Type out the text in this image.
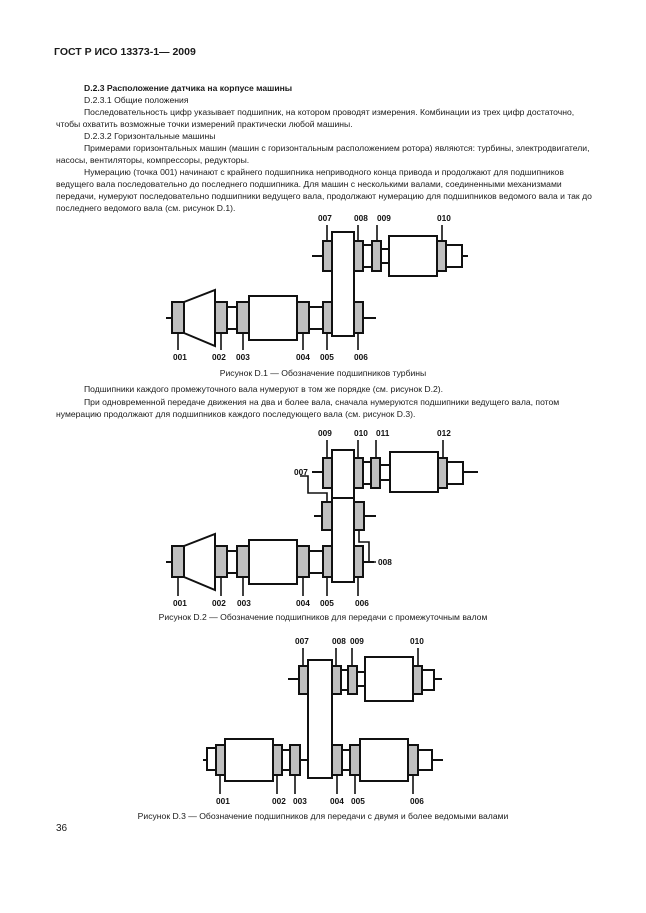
ГОСТ Р ИСО 13373-1— 2009

D.2.3 Расположение датчика на корпусе машины

D.2.3.1 Общие положения

Последовательность цифр указывает подшипник, на котором проводят измерения. Комбинации из трех цифр достаточно, чтобы охватить возможные точки измерений практически любой машины.

D.2.3.2 Горизонтальные машины

Примерами горизонтальных машин (машин с горизонтальным расположением ротора) являются: турбины, электродвигатели, насосы, вентиляторы, компрессоры, редукторы.

Нумерацию (точка 001) начинают с крайнего подшипника неприводного конца привода и продолжают для подшипников ведущего вала последовательно до последнего подшипника. Для машин с несколькими валами, соединенными механизмами передачи, нумеруют последовательно подшипники ведущего вала, продолжают нумерацию для подшипников ведомого вала и так до последнего ведомого вала (см. рисунок D.1).

007	008 009	010
001	002 003	004 005 006
Рисунок D.1 — Обозначение подшипников турбины

Подшипники каждого промежуточного вала нумеруют в том же порядке (см. рисунок D.2).

При одновременной передаче движения на два и более вала, сначала нумеруются подшипники ведущего вала, потом нумерацию продолжают для подшипников каждого последующего вала (см. рисунок D.3).

009	010 011	012
007
008
001	002 003	004 005	006
Рисунок D.2 — Обозначение подшипников для передачи с промежуточным валом
007	008 009	010
001	002 003	004 005	006
Рисунок D.3 — Обозначение подшипников для передачи с двумя и более ведомыми валами
36
